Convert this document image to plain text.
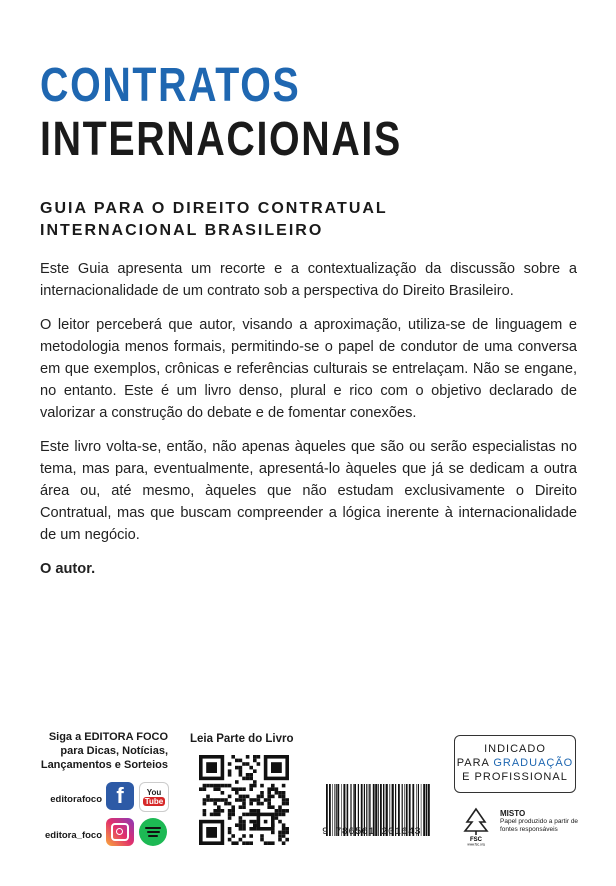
CONTRATOS
INTERNACIONAIS
GUIA PARA O DIREITO CONTRATUAL
INTERNACIONAL BRASILEIRO

Este Guia apresenta um recorte e a contextualização da discussão sobre a internacionalidade de um contrato sob a perspectiva do Direito Brasileiro.

O leitor perceberá que autor, visando a aproximação, utiliza-se de linguagem e metodologia menos formais, permitindo-se o papel de condutor de uma conversa em que exemplos, crônicas e referências culturais se entrelaçam. Não se engane, no entanto. Este é um livro denso, plural e rico com o objetivo declarado de valorizar a construção do debate e de fomentar conexões.

Este livro volta-se, então, não apenas àqueles que são ou serão especialistas no tema, mas para, eventualmente, apresentá-lo àqueles que já se dedicam a outra área ou, até mesmo, àqueles que não estudam exclusivamente o Direito Contratual, mas que buscam compreender a lógica inerente à internacionalidade de um negócio.

O autor.

Siga a EDITORA FOCO
para Dicas, Notícias,
Lançamentos e Sorteios
editorafoco f	You
Tube
editora_foco
Leia Parte do Livro
9 786561 201643
INDICADO
PARA GRADUAÇÃO
E PROFISSIONAL
FSC
www.fsc.org
MISTO
Papel produzido a partir de fontes responsáveis
